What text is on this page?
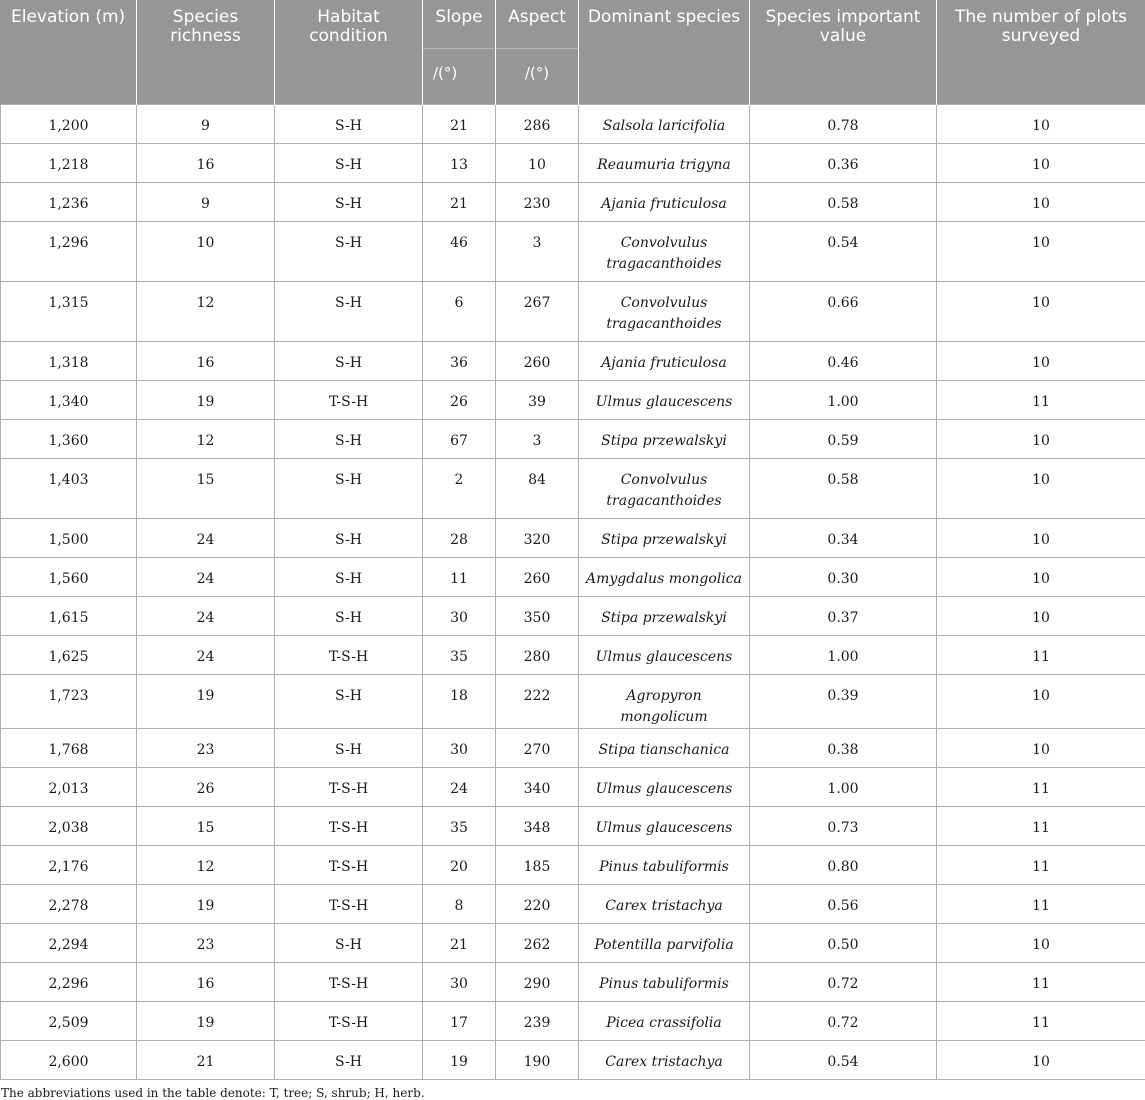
Elevation (m)	Species richness	Habitat condition	Slope	Aspect	Dominant species	Species important value	The number of plots surveyed
			/(°)	/(°)			
1,200	9	S-H	21	286	Salsola laricifolia	0.78	10
1,218	16	S-H	13	10	Reaumuria trigyna	0.36	10
1,236	9	S-H	21	230	Ajania fruticulosa	0.58	10
1,296	10	S-H	46	3	Convolvulus tragacanthoides	0.54	10
1,315	12	S-H	6	267	Convolvulus tragacanthoides	0.66	10
1,318	16	S-H	36	260	Ajania fruticulosa	0.46	10
1,340	19	T-S-H	26	39	Ulmus glaucescens	1.00	11
1,360	12	S-H	67	3	Stipa przewalskyi	0.59	10
1,403	15	S-H	2	84	Convolvulus tragacanthoides	0.58	10
1,500	24	S-H	28	320	Stipa przewalskyi	0.34	10
1,560	24	S-H	11	260	Amygdalus mongolica	0.30	10
1,615	24	S-H	30	350	Stipa przewalskyi	0.37	10
1,625	24	T-S-H	35	280	Ulmus glaucescens	1.00	11
1,723	19	S-H	18	222	Agropyron mongolicum	0.39	10
1,768	23	S-H	30	270	Stipa tianschanica	0.38	10
2,013	26	T-S-H	24	340	Ulmus glaucescens	1.00	11
2,038	15	T-S-H	35	348	Ulmus glaucescens	0.73	11
2,176	12	T-S-H	20	185	Pinus tabuliformis	0.80	11
2,278	19	T-S-H	8	220	Carex tristachya	0.56	11
2,294	23	S-H	21	262	Potentilla parvifolia	0.50	10
2,296	16	T-S-H	30	290	Pinus tabuliformis	0.72	11
2,509	19	T-S-H	17	239	Picea crassifolia	0.72	11
2,600	21	S-H	19	190	Carex tristachya	0.54	10
The abbreviations used in the table denote: T, tree; S, shrub; H, herb.
